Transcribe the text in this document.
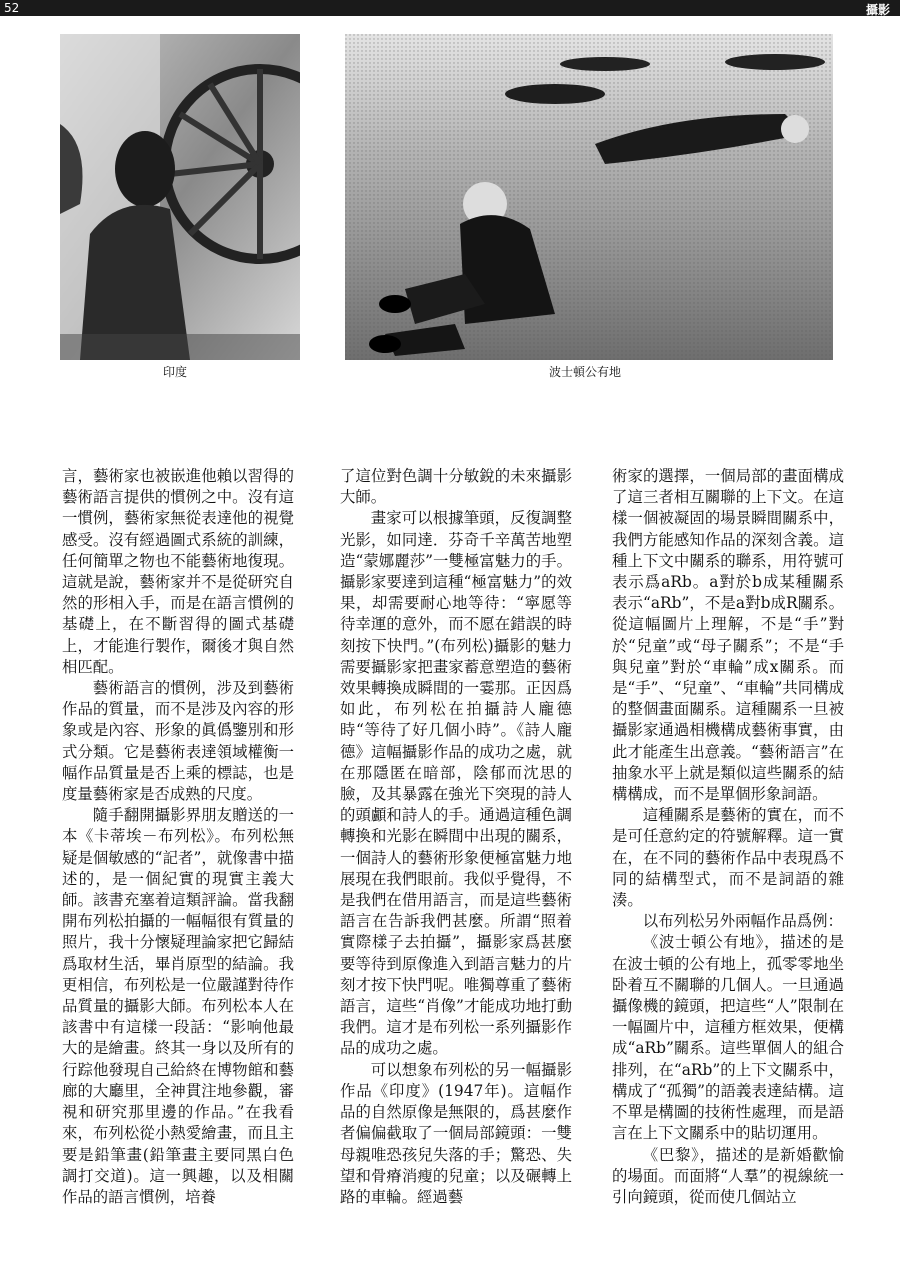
52	攝影
印度	波士頓公有地

言，藝術家也被嵌進他賴以習得的藝術語言提供的慣例之中。沒有這一慣例，藝術家無從表達他的視覺感受。沒有經過圖式系統的訓練，任何簡單之物也不能藝術地復現。這就是說，藝術家并不是從研究自然的形相入手，而是在語言慣例的基礎上，在不斷習得的圖式基礎上，才能進行製作，爾後才與自然相匹配。

藝術語言的慣例，涉及到藝術作品的質量，而不是涉及內容的形象或是內容、形象的眞僞鑒別和形式分類。它是藝術表達領域權衡一幅作品質量是否上乘的標誌，也是度量藝術家是否成熟的尺度。

隨手翻開攝影界朋友贈送的一本《卡蒂埃－布列松》。布列松無疑是個敏感的“記者”，就像書中描述的，是一個紀實的現實主義大師。該書充塞着這類評論。當我翻開布列松拍攝的一幅幅很有質量的照片，我十分懷疑理論家把它歸結爲取材生活，畢肖原型的結論。我更相信，布列松是一位嚴謹對待作品質量的攝影大師。布列松本人在該書中有這樣一段話：“影响他最大的是繪畫。終其一身以及所有的行踪他發現自己給終在博物館和藝廊的大廳里，全神貫注地參觀，審視和研究那里邊的作品。”在我看來，布列松從小熱愛繪畫，而且主要是鉛筆畫(鉛筆畫主要同黑白色調打交道)。這一興趣，以及相關作品的語言慣例，培養

了這位對色調十分敏銳的未來攝影大師。

畫家可以根據筆頭，反復調整光影，如同達．芬奇千辛萬苦地塑造“蒙娜麗莎”一雙極富魅力的手。攝影家要達到這種“極富魅力”的效果，却需要耐心地等待：“寧愿等待幸運的意外，而不愿在錯誤的時刻按下快門。”(布列松)攝影的魅力需要攝影家把畫家蓄意塑造的藝術效果轉換成瞬間的一霎那。正因爲如此，布列松在拍攝詩人龐德時“等待了好几個小時”。《詩人龐德》這幅攝影作品的成功之處，就在那隱匿在暗部，陰郁而沈思的臉，及其暴露在強光下突現的詩人的頭顱和詩人的手。通過這種色調轉換和光影在瞬間中出現的關系，一個詩人的藝術形象便極富魅力地展現在我們眼前。我似乎覺得，不是我們在借用語言，而是這些藝術語言在告訴我們甚麼。所謂“照着實際樣子去拍攝”，攝影家爲甚麼要等待到原像進入到語言魅力的片刻才按下快門呢。唯獨尊重了藝術語言，這些“肖像”才能成功地打動我們。這才是布列松一系列攝影作品的成功之處。

可以想象布列松的另一幅攝影作品《印度》(1947年)。這幅作品的自然原像是無限的，爲甚麼作者偏偏截取了一個局部鏡頭：一雙母親唯恐孩兒失落的手；驚恐、失望和骨瘠消瘦的兒童；以及碾轉上路的車輪。經過藝

術家的選擇，一個局部的畫面構成了這三者相互關聯的上下文。在這樣一個被凝固的場景瞬間關系中，我們方能感知作品的深刻含義。這種上下文中關系的聯系，用符號可表示爲aRb。a對於b成某種關系表示“aRb”，不是a對b成R關系。從這幅圖片上理解，不是“手”對於“兒童”或“母子關系”；不是“手與兒童”對於“車輪”成x關系。而是“手”、“兒童”、“車輪”共同構成的整個畫面關系。這種關系一旦被攝影家通過相機構成藝術事實，由此才能產生出意義。“藝術語言”在抽象水平上就是類似這些關系的結構構成，而不是單個形象詞語。

這種關系是藝術的實在，而不是可任意約定的符號解釋。這一實在，在不同的藝術作品中表現爲不同的結構型式，而不是詞語的雜湊。

以布列松另外兩幅作品爲例：

《波士頓公有地》，描述的是在波士頓的公有地上，孤零零地坐卧着互不關聯的几個人。一旦通過攝像機的鏡頭，把這些“人”限制在一幅圖片中，這種方框效果，便構成“aRb”關系。這些單個人的組合排列，在“aRb”的上下文關系中，構成了“孤獨”的語義表達結構。這不單是構圖的技術性處理，而是語言在上下文關系中的貼切運用。

《巴黎》，描述的是新婚歡愉的場面。而面將“人羣”的視線統一引向鏡頭，從而使几個站立
